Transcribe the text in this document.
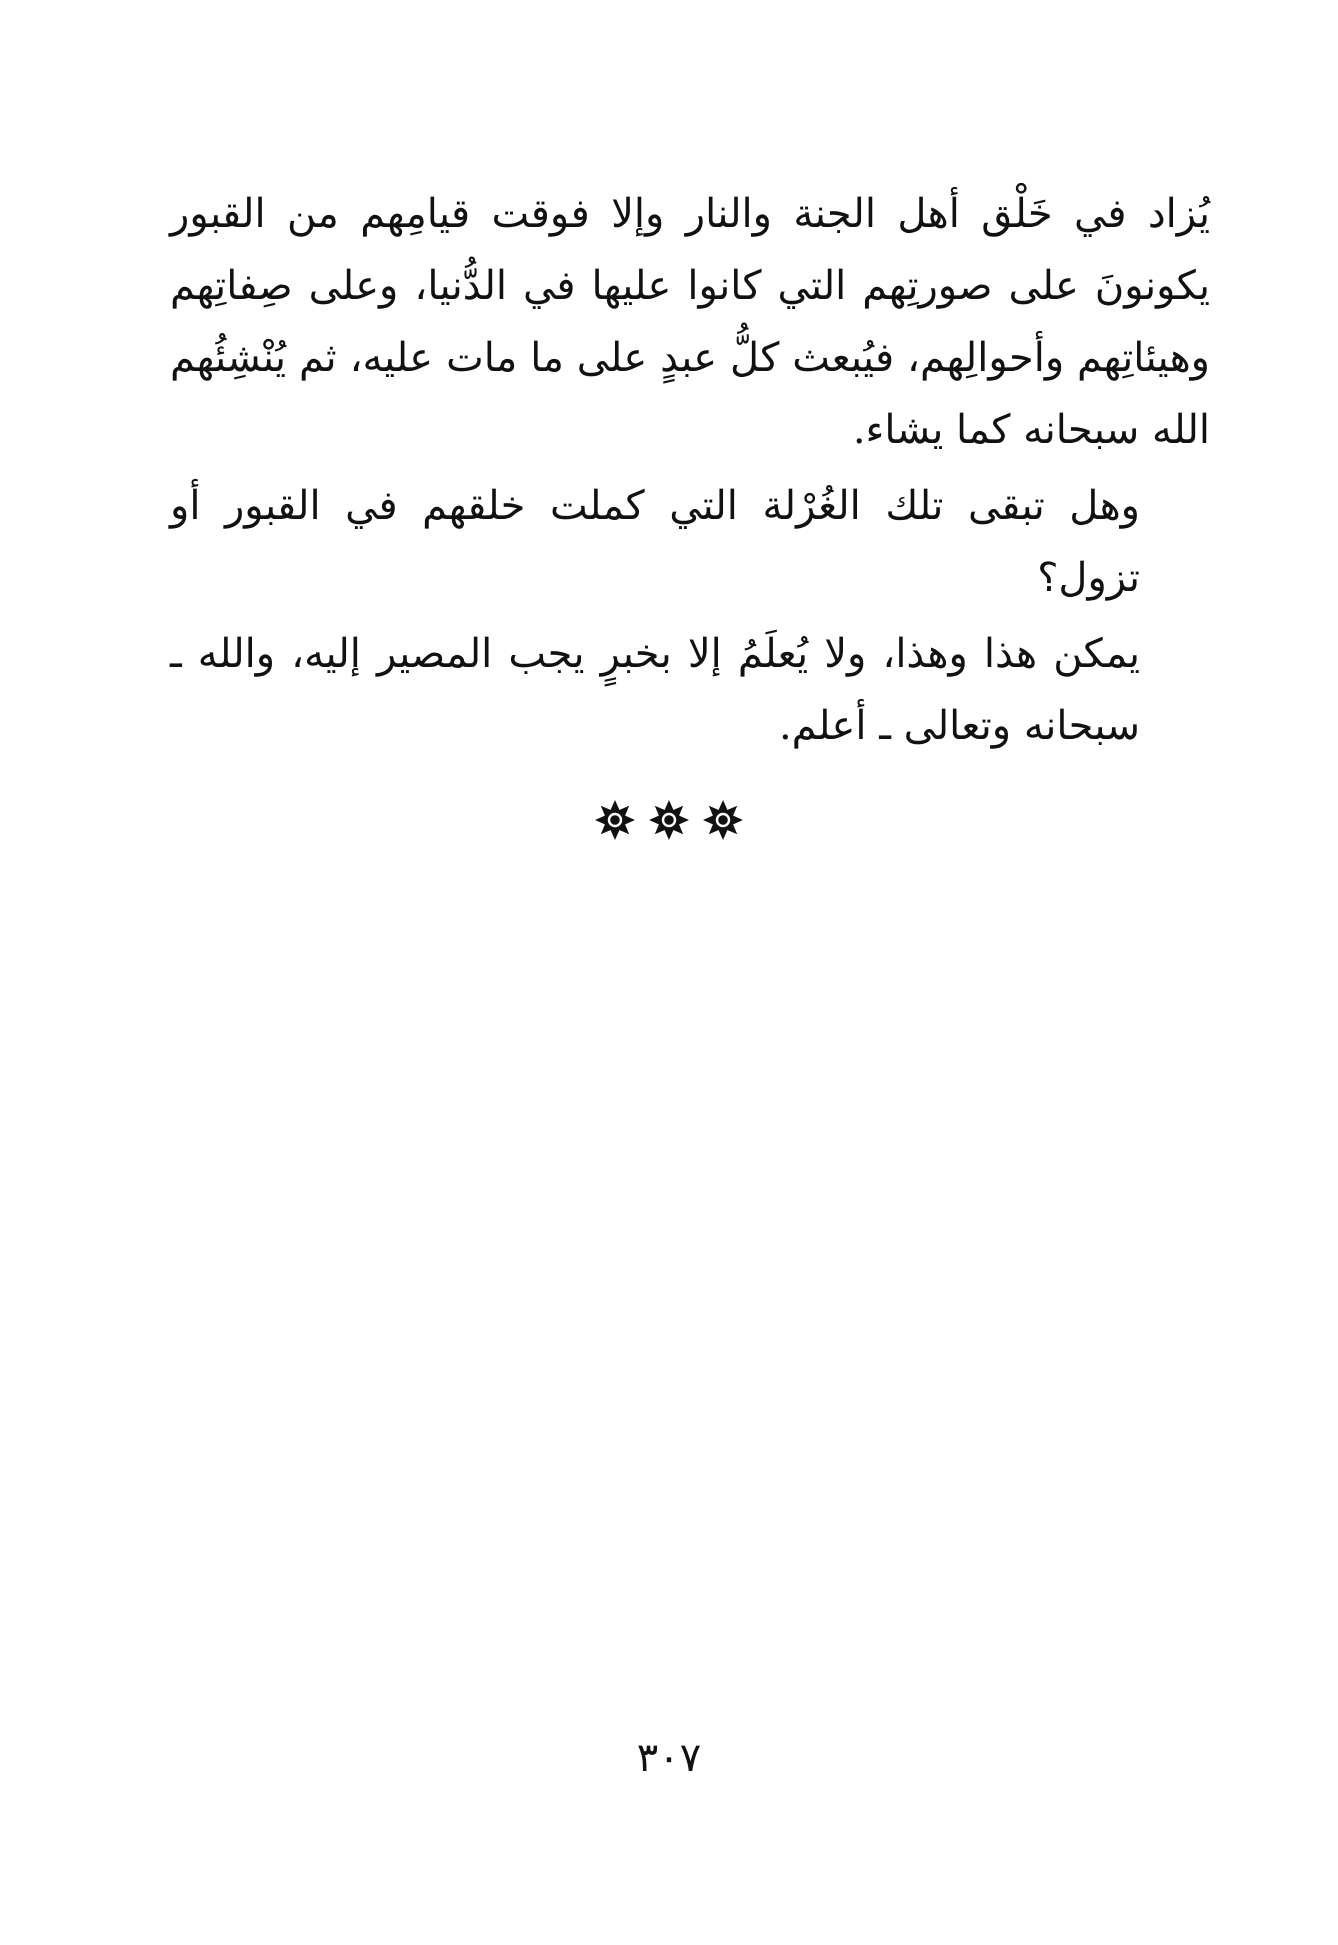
يُزاد في خَلْق أهل الجنة والنار وإلا فوقت قيامِهم من القبور يكونونَ على صورتِهم التي كانوا عليها في الدُّنيا، وعلى صِفاتِهم وهيئاتِهم وأحوالِهم، فيُبعث كلُّ عبدٍ على ما مات عليه، ثم يُنْشِئُهم الله سبحانه كما يشاء.

وهل تبقى تلك الغُرْلة التي كملت خلقهم في القبور أو تزول؟

يمكن هذا وهذا، ولا يُعلَمُ إلا بخبرٍ يجب المصير إليه، والله ـ سبحانه وتعالى ـ أعلم.

٣٠٧
